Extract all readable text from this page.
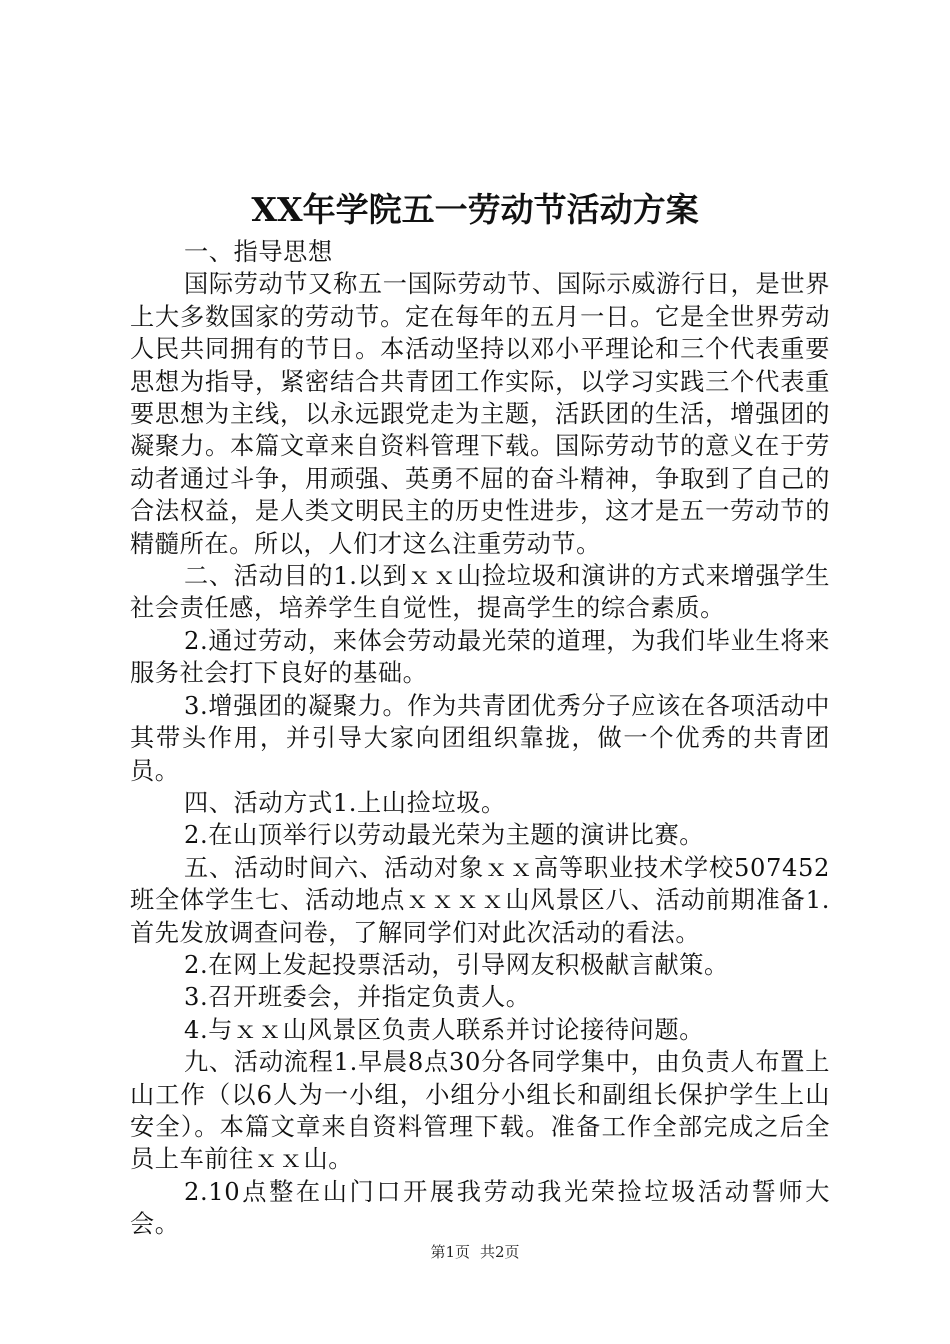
XX年学院五一劳动节活动方案

一、指导思想

国际劳动节又称五一国际劳动节、国际示威游行日，是世界上大多数国家的劳动节。定在每年的五月一日。它是全世界劳动人民共同拥有的节日。本活动坚持以邓小平理论和三个代表重要思想为指导，紧密结合共青团工作实际，以学习实践三个代表重要思想为主线，以永远跟党走为主题，活跃团的生活，增强团的凝聚力。本篇文章来自资料管理下载。国际劳动节的意义在于劳动者通过斗争，用顽强、英勇不屈的奋斗精神，争取到了自己的合法权益，是人类文明民主的历史性进步，这才是五一劳动节的精髓所在。所以，人们才这么注重劳动节。

二、活动目的1.以到ｘｘ山捡垃圾和演讲的方式来增强学生社会责任感，培养学生自觉性，提高学生的综合素质。

2.通过劳动，来体会劳动最光荣的道理，为我们毕业生将来服务社会打下良好的基础。

3.增强团的凝聚力。作为共青团优秀分子应该在各项活动中其带头作用，并引导大家向团组织靠拢，做一个优秀的共青团员。

四、活动方式1.上山捡垃圾。

2.在山顶举行以劳动最光荣为主题的演讲比赛。

五、活动时间六、活动对象ｘｘ高等职业技术学校507452班全体学生七、活动地点ｘｘｘｘ山风景区八、活动前期准备1.首先发放调查问卷，了解同学们对此次活动的看法。

2.在网上发起投票活动，引导网友积极献言献策。

3.召开班委会，并指定负责人。

4.与ｘｘ山风景区负责人联系并讨论接待问题。

九、活动流程1.早晨8点30分各同学集中，由负责人布置上山工作（以6人为一小组，小组分小组长和副组长保护学生上山安全）。本篇文章来自资料管理下载。准备工作全部完成之后全员上车前往ｘｘ山。

2.10点整在山门口开展我劳动我光荣捡垃圾活动誓师大会。

第1页 共2页
